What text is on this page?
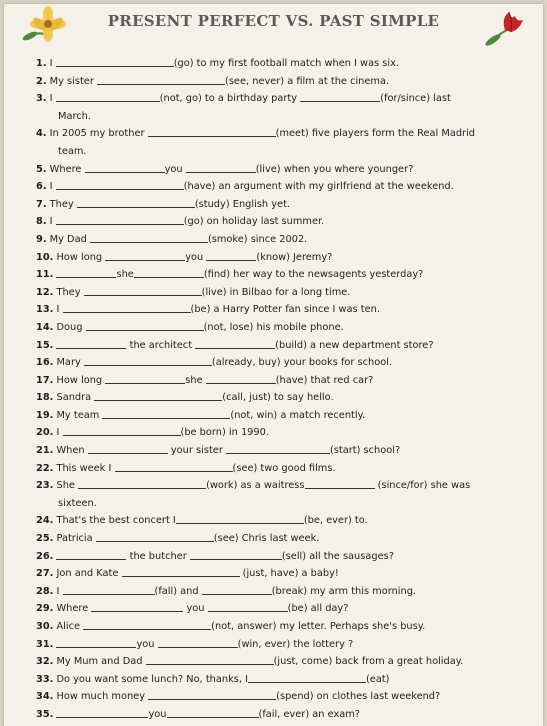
PRESENT PERFECT VS. PAST SIMPLE
1. I	(go) to my first football match when I was six.
2. My sister	(see, never) a film at the cinema.
3. I	(not, go) to a birthday party	(for/since) last
March.
4. In 2005 my brother	(meet) five players form the Real Madrid
team.
5. Where	you	(live) when you where younger?
6. I	(have) an argument with my girlfriend at the weekend.
7. They	(study) English yet.
8. I	(go) on holiday last summer.
9. My Dad	(smoke) since 2002.
10. How long	you	(know) Jeremy?
11.	she	(find) her way to the newsagents yesterday?
12. They	(live) in Bilbao for a long time.
13. I	(be) a Harry Potter fan since I was ten.
14. Doug	(not, lose) his mobile phone.
15.	the architect	(build) a new department store?
16. Mary	(already, buy) your books for school.
17. How long	she	(have) that red car?
18. Sandra	(call, just) to say hello.
19. My team	(not, win) a match recently.
20. I	(be born) in 1990.
21. When	your sister	(start) school?
22. This week I	(see) two good films.
23. She	(work) as a waitress	(since/for) she was
sixteen.
24. That's the best concert I	(be, ever) to.
25. Patricia	(see) Chris last week.
26.	the butcher	(sell) all the sausages?
27. Jon and Kate	(just, have) a baby!
28. I	(fall) and	(break) my arm this morning.
29. Where	you	(be) all day?
30. Alice	(not, answer) my letter. Perhaps she's busy.
31.	you	(win, ever) the lottery ?
32. My Mum and Dad	(just, come) back from a great holiday.
33. Do you want some lunch? No, thanks, I	(eat)
34. How much money	(spend) on clothes last weekend?
35.	you	(fail, ever) an exam?
